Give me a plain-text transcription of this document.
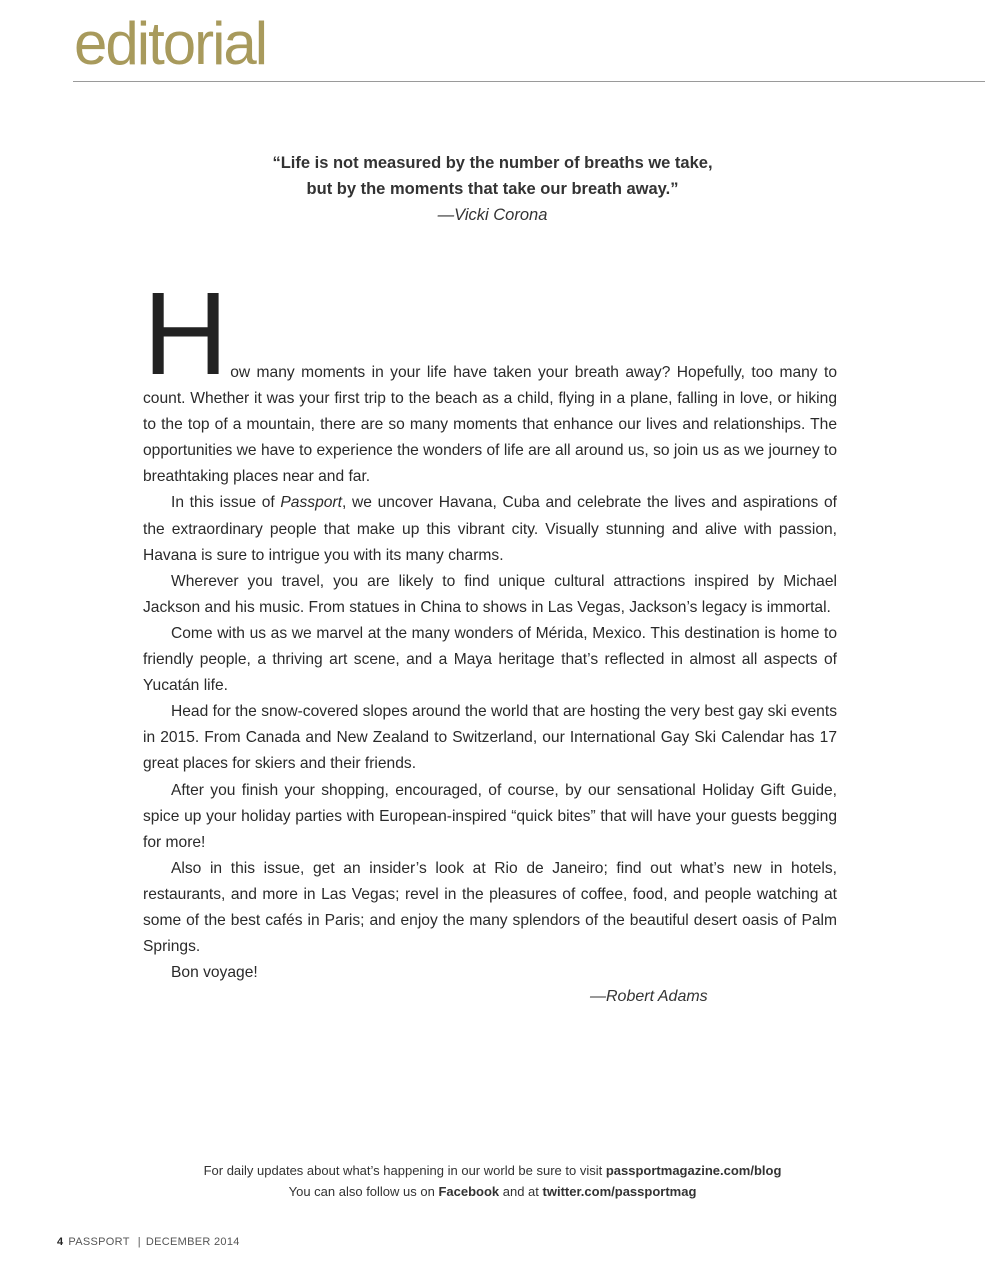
editorial

“Life is not measured by the number of breaths we take,

but by the moments that take our breath away.”

—Vicki Corona

How many moments in your life have taken your breath away? Hopefully, too many to count. Whether it was your first trip to the beach as a child, flying in a plane, falling in love, or hiking to the top of a mountain, there are so many moments that enhance our lives and relationships. The opportunities we have to experience the wonders of life are all around us, so join us as we journey to breathtaking places near and far.

In this issue of Passport, we uncover Havana, Cuba and celebrate the lives and aspirations of the extraordinary people that make up this vibrant city. Visually stunning and alive with passion, Havana is sure to intrigue you with its many charms.

Wherever you travel, you are likely to find unique cultural attractions inspired by Michael Jackson and his music. From statues in China to shows in Las Vegas, Jackson’s legacy is immortal.

Come with us as we marvel at the many wonders of Mérida, Mexico. This destination is home to friendly people, a thriving art scene, and a Maya heritage that’s reflected in almost all aspects of Yucatán life.

Head for the snow-covered slopes around the world that are hosting the very best gay ski events in 2015. From Canada and New Zealand to Switzerland, our International Gay Ski Calendar has 17 great places for skiers and their friends.

After you finish your shopping, encouraged, of course, by our sensational Holiday Gift Guide, spice up your holiday parties with European-inspired “quick bites” that will have your guests begging for more!

Also in this issue, get an insider’s look at Rio de Janeiro; find out what’s new in hotels, restaurants, and more in Las Vegas; revel in the pleasures of coffee, food, and people watching at some of the best cafés in Paris; and enjoy the many splendors of the beautiful desert oasis of Palm Springs.

Bon voyage!

—Robert Adams
For daily updates about what’s happening in our world be sure to visit passportmagazine.com/blog
You can also follow us on Facebook and at twitter.com/passportmag
4 PASSPORT | DECEMBER 2014
